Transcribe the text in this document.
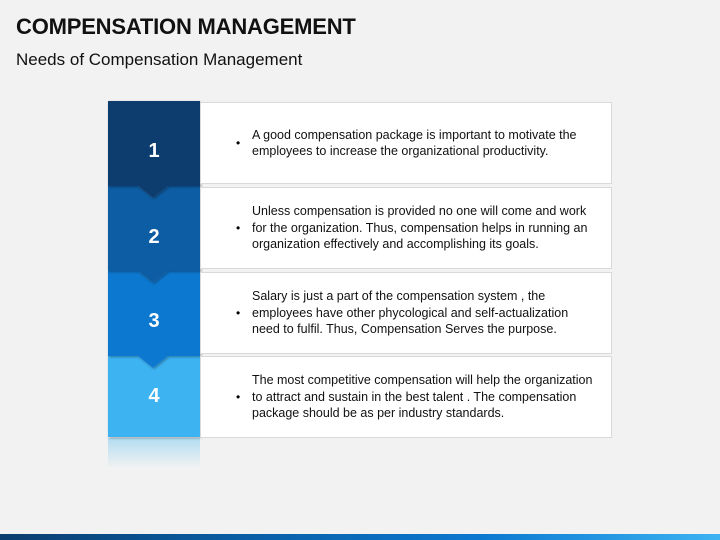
COMPENSATION MANAGEMENT
Needs of Compensation Management
•
A good compensation package is important to motivate the employees to increase the organizational productivity.
•
Unless compensation is provided no one will come and work for the organization. Thus, compensation helps in running an organization effectively and accomplishing its goals.
•
Salary is just a part of the compensation system , the employees have other phycological and self-actualization need to fulfil. Thus, Compensation Serves the purpose.
•
The most competitive compensation will help the organization to attract and sustain in the best talent . The compensation package should be as per industry standards.
1
2
3
4
